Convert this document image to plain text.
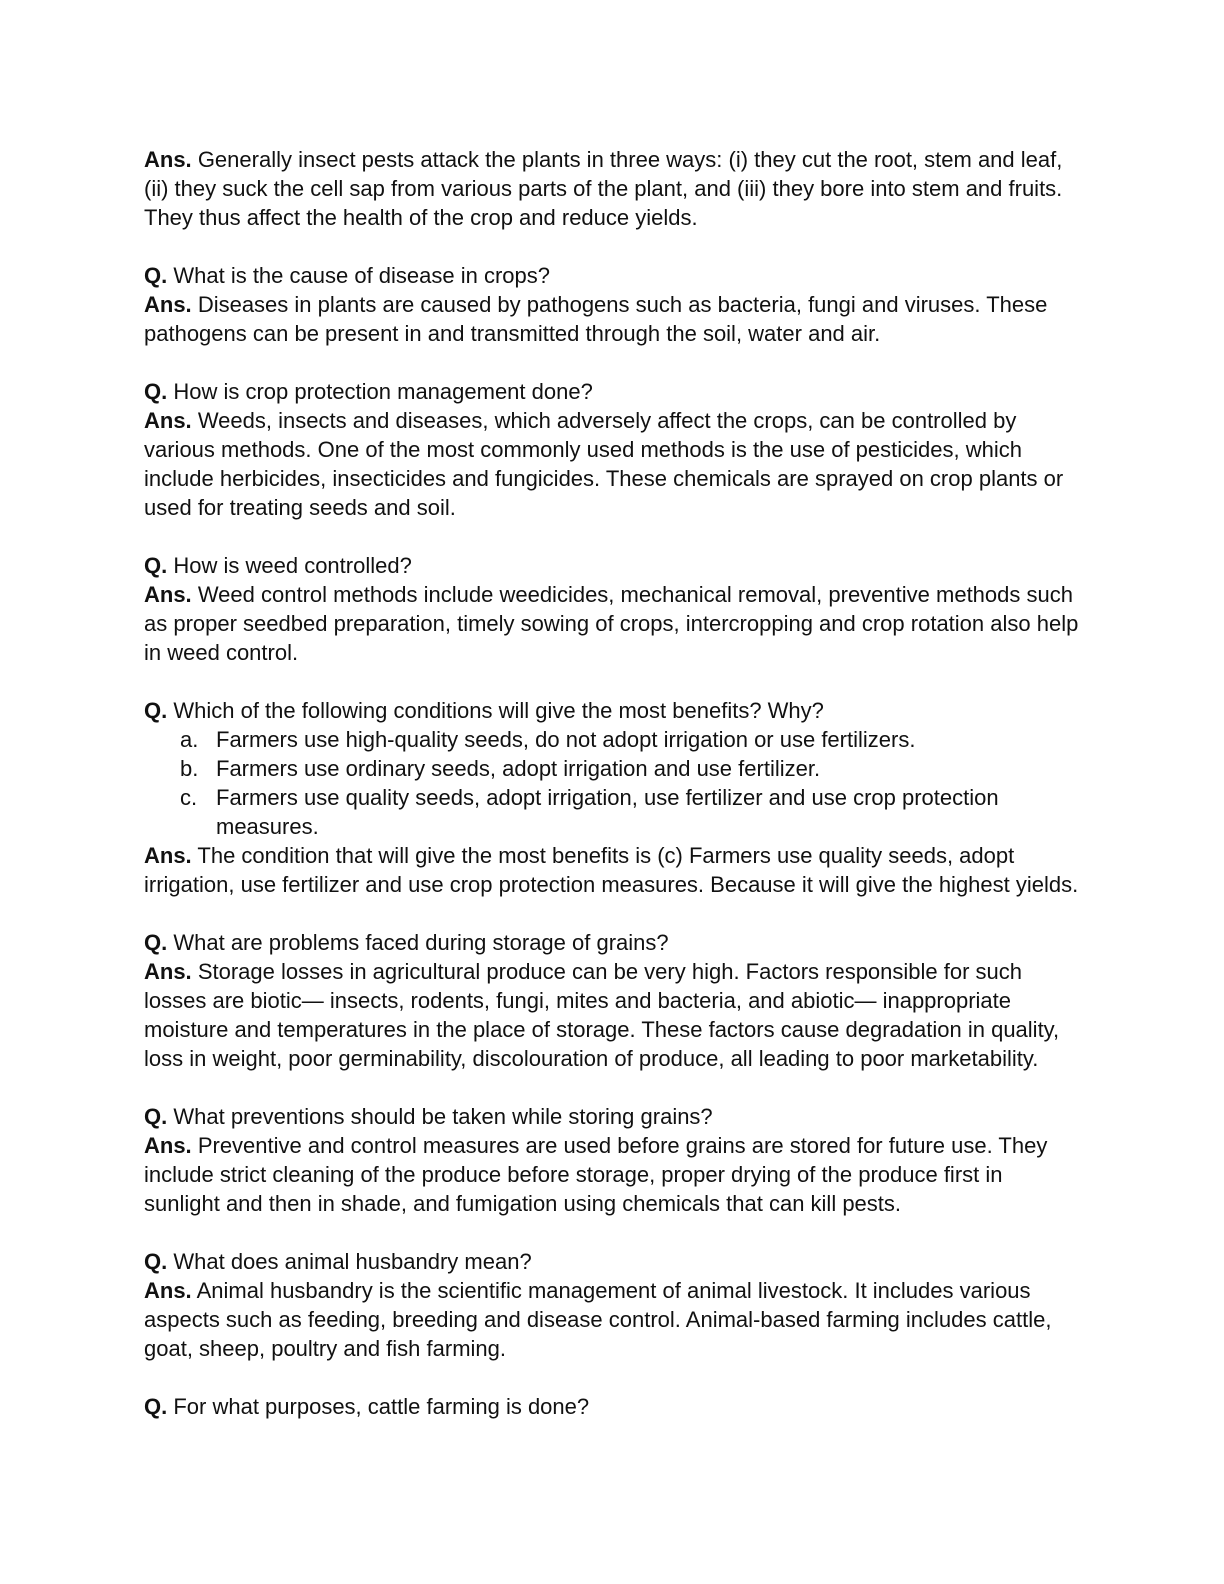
Ans. Generally insect pests attack the plants in three ways: (i) they cut the root, stem and leaf, (ii) they suck the cell sap from various parts of the plant, and (iii) they bore into stem and fruits. They thus affect the health of the crop and reduce yields.

Q. What is the cause of disease in crops?

Ans. Diseases in plants are caused by pathogens such as bacteria, fungi and viruses. These pathogens can be present in and transmitted through the soil, water and air.

Q. How is crop protection management done?

Ans. Weeds, insects and diseases, which adversely affect the crops, can be controlled by various methods. One of the most commonly used methods is the use of pesticides, which include herbicides, insecticides and fungicides. These chemicals are sprayed on crop plants or used for treating seeds and soil.

Q. How is weed controlled?

Ans. Weed control methods include weedicides, mechanical removal, preventive methods such as proper seedbed preparation, timely sowing of crops, intercropping and crop rotation also help in weed control.

Q. Which of the following conditions will give the most benefits? Why?

a. Farmers use high-quality seeds, do not adopt irrigation or use fertilizers.
b. Farmers use ordinary seeds, adopt irrigation and use fertilizer.
c. Farmers use quality seeds, adopt irrigation, use fertilizer and use crop protection measures.

Ans. The condition that will give the most benefits is (c) Farmers use quality seeds, adopt irrigation, use fertilizer and use crop protection measures. Because it will give the highest yields.

Q. What are problems faced during storage of grains?

Ans. Storage losses in agricultural produce can be very high. Factors responsible for such losses are biotic— insects, rodents, fungi, mites and bacteria, and abiotic— inappropriate moisture and temperatures in the place of storage. These factors cause degradation in quality, loss in weight, poor germinability, discolouration of produce, all leading to poor marketability.

Q. What preventions should be taken while storing grains?

Ans. Preventive and control measures are used before grains are stored for future use. They include strict cleaning of the produce before storage, proper drying of the produce first in sunlight and then in shade, and fumigation using chemicals that can kill pests.

Q. What does animal husbandry mean?

Ans. Animal husbandry is the scientific management of animal livestock. It includes various aspects such as feeding, breeding and disease control. Animal-based farming includes cattle, goat, sheep, poultry and fish farming.

Q. For what purposes, cattle farming is done?
